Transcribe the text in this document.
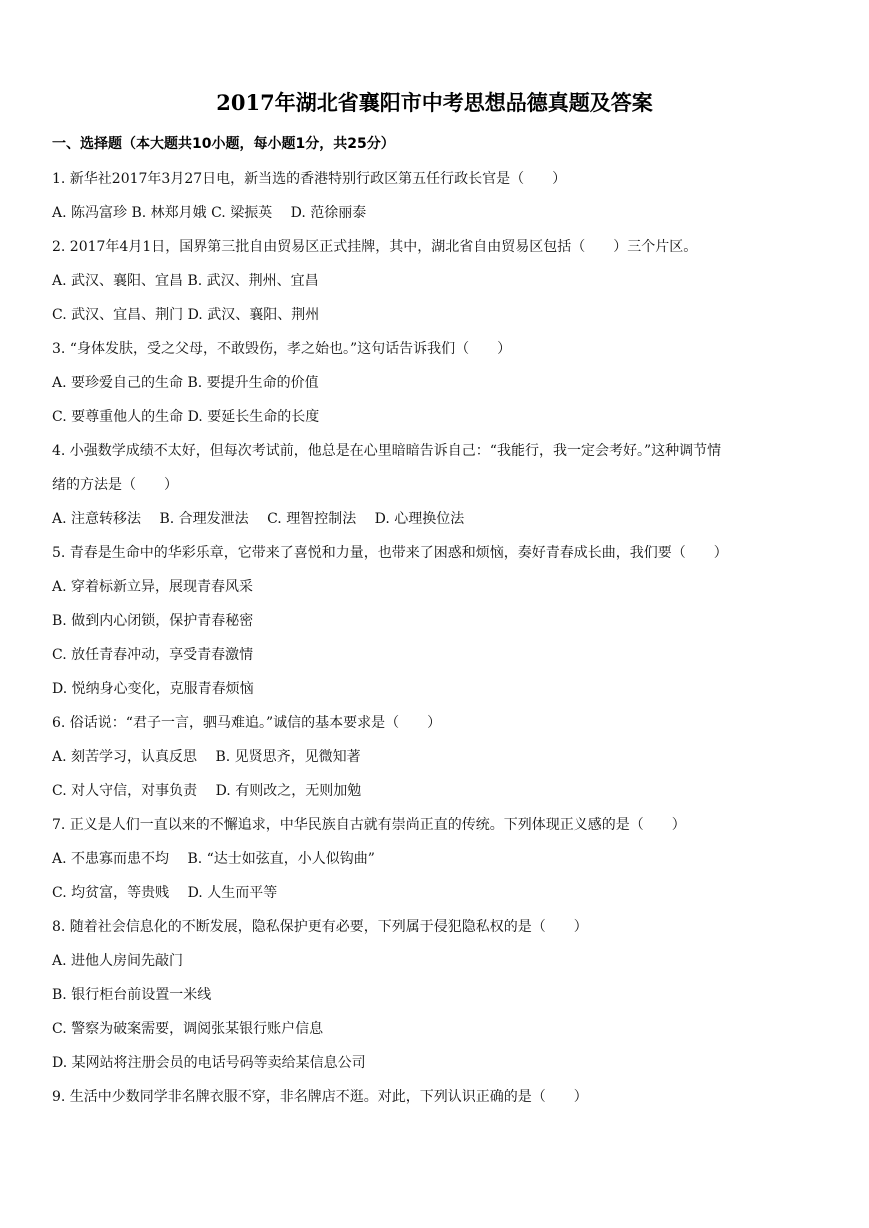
2017年湖北省襄阳市中考思想品德真题及答案
一、选择题（本大题共10小题，每小题1分，共25分）
1. 新华社2017年3月27日电，新当选的香港特别行政区第五任行政长官是（　　）
A. 陈冯富珍 B. 林郑月娥 C. 梁振英　 D. 范徐丽泰
2. 2017年4月1日，国界第三批自由贸易区正式挂牌，其中，湖北省自由贸易区包括（　　）三个片区。
A. 武汉、襄阳、宜昌 B. 武汉、荆州、宜昌
C. 武汉、宜昌、荆门 D. 武汉、襄阳、荆州
3. “身体发肤，受之父母，不敢毁伤，孝之始也。”这句话告诉我们（　　）
A. 要珍爱自己的生命 B. 要提升生命的价值
C. 要尊重他人的生命 D. 要延长生命的长度
4. 小强数学成绩不太好，但每次考试前，他总是在心里暗暗告诉自己：“我能行，我一定会考好。”这种调节情
绪的方法是（　　）
A. 注意转移法　 B. 合理发泄法　 C. 理智控制法　 D. 心理换位法
5. 青春是生命中的华彩乐章，它带来了喜悦和力量，也带来了困惑和烦恼，奏好青春成长曲，我们要（　　）
A. 穿着标新立异，展现青春风采
B. 做到内心闭锁，保护青春秘密
C. 放任青春冲动，享受青春激情
D. 悦纳身心变化，克服青春烦恼
6. 俗话说：“君子一言，驷马难追。”诚信的基本要求是（　　）
A. 刻苦学习，认真反思　 B. 见贤思齐，见微知著
C. 对人守信，对事负责　 D. 有则改之，无则加勉
7. 正义是人们一直以来的不懈追求，中华民族自古就有崇尚正直的传统。下列体现正义感的是（　　）
A. 不患寡而患不均　 B. “达士如弦直，小人似钩曲”
C. 均贫富，等贵贱　 D. 人生而平等
8. 随着社会信息化的不断发展，隐私保护更有必要，下列属于侵犯隐私权的是（　　）
A. 进他人房间先敲门
B. 银行柜台前设置一米线
C. 警察为破案需要，调阅张某银行账户信息
D. 某网站将注册会员的电话号码等卖给某信息公司
9. 生活中少数同学非名牌衣服不穿，非名牌店不逛。对此，下列认识正确的是（　　）
